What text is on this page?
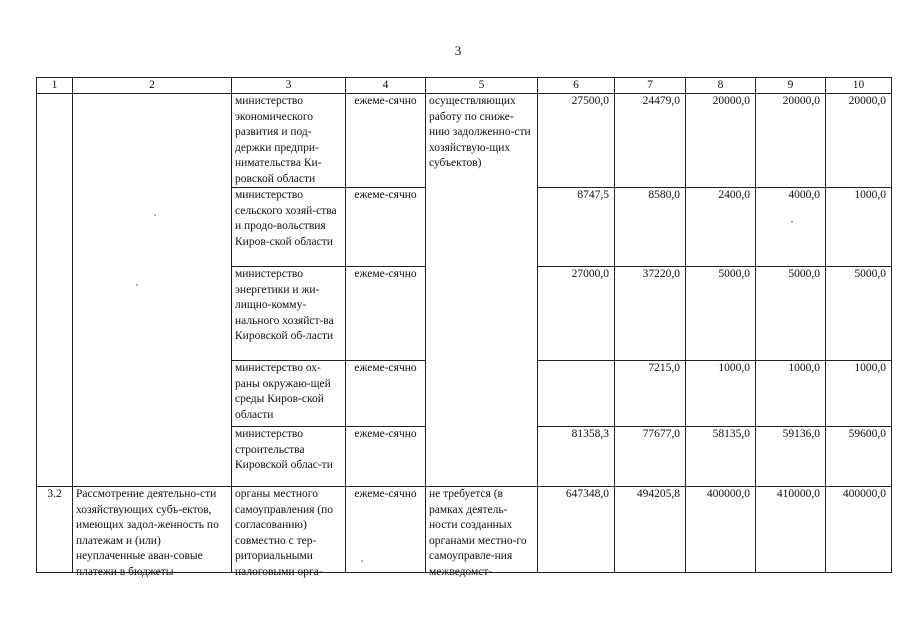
3
1	2	3	4	5	6	7	8	9	10
		министерство экономического развития и под-держки предпри-нимательства Ки-ровской области	ежеме-сячно	осуществляющих работу по сниже-нию задолженно-сти хозяйствую-щих субъектов)	27500,0	24479,0	20000,0	20000,0	20000,0
		министерство сельского хозяй-ства и продо-вольствия Киров-ской области	ежеме-сячно		8747,5	8580,0	2400,0	4000,0	1000,0
		министерство энергетики и жи-лищно-комму-нального хозяйст-ва Кировской об-ласти	ежеме-сячно		27000,0	37220,0	5000,0	5000,0	5000,0
		министерство ох-раны окружаю-щей среды Киров-ской области	ежеме-сячно			7215,0	1000,0	1000,0	1000,0
		министерство строительства Кировской облас-ти	ежеме-сячно		81358,3	77677,0	58135,0	59136,0	59600,0

3.2	Рассмотрение деятельно-сти хозяйствующих субъ-ектов, имеющих задол-женность по платежам и (или) неуплаченные аван-совые платежи в бюджеты	органы местного самоуправления (по согласованию) совместно с тер-риториальными налоговыми орга-	ежеме-сячно	не требуется (в рамках деятель-ности созданных органами местно-го самоуправле-ния межведомст-	647348,0	494205,8	400000,0	410000,0	400000,0
